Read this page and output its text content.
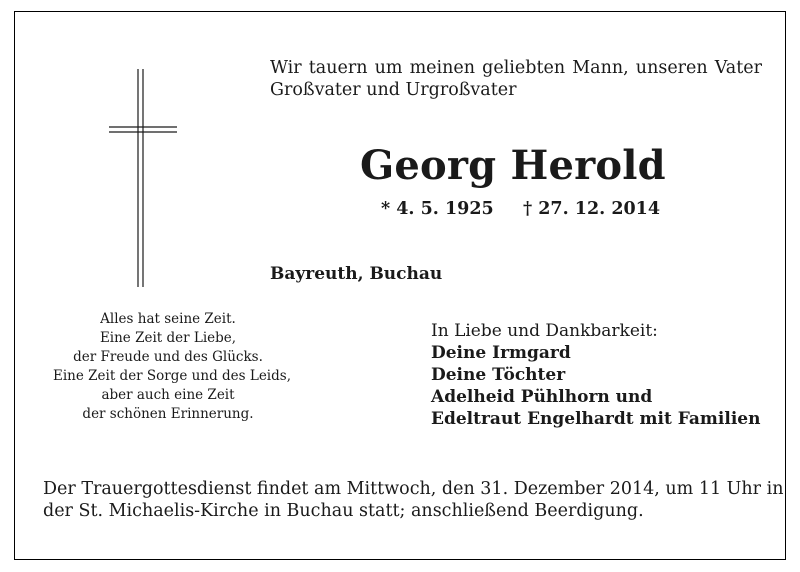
Wir tauern um meinen geliebten Mann, unseren Vater
Großvater und Urgroßvater
Georg Herold
* 4. 5. 1925 † 27. 12. 2014
Bayreuth, Buchau
Alles hat seine Zeit.
Eine Zeit der Liebe,
der Freude und des Glücks.
Eine Zeit der Sorge und des Leids,
aber auch eine Zeit
der schönen Erinnerung.
In Liebe und Dankbarkeit:
Deine Irmgard
Deine Töchter
Adelheid Pühlhorn und
Edeltraut Engelhardt mit Familien
Der Trauergottesdienst findet am Mittwoch, den 31. Dezember 2014, um 11 Uhr in
der St. Michaelis-Kirche in Buchau statt; anschließend Beerdigung.
